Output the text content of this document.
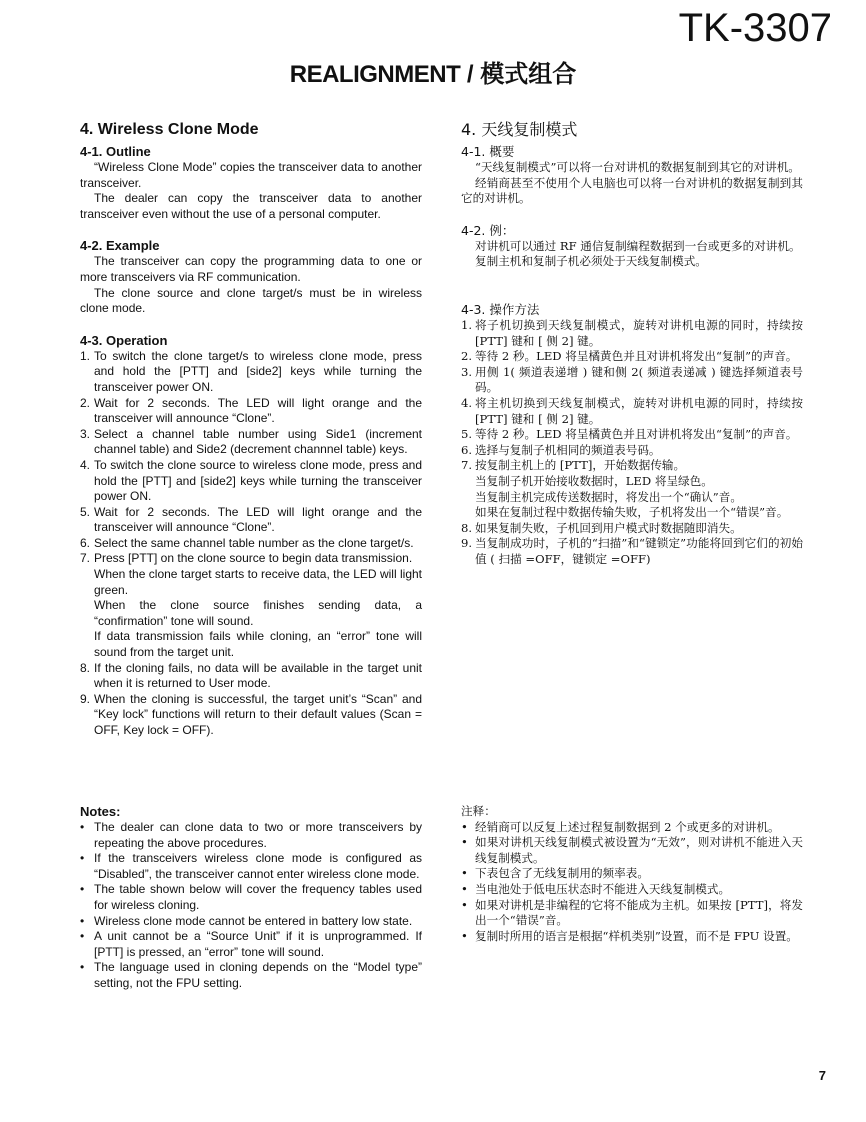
TK-3307
REALIGNMENT / 模式组合
4. Wireless Clone Mode
4-1. Outline

“Wireless Clone Mode” copies the transceiver data to another transceiver.

The dealer can copy the transceiver data to another transceiver even without the use of a personal computer.

4-2. Example

The transceiver can copy the programming data to one or more transceivers via RF communication.

The clone source and clone target/s must be in wireless clone mode.

4-3. Operation
1. To switch the clone target/s to wireless clone mode, press and hold the [PTT] and [side2] keys while turning the transceiver power ON.
2. Wait for 2 seconds. The LED will light orange and the transceiver will announce “Clone”.
3. Select a channel table number using Side1 (increment channel table) and Side2 (decrement channnel table) keys.
4. To switch the clone source to wireless clone mode, press and hold the [PTT] and [side2] keys while turning the transceiver power ON.
5. Wait for 2 seconds. The LED will light orange and the transceiver will announce “Clone”.
6. Select the same channel table number as the clone target/s.
7. Press [PTT] on the clone source to begin data transmission.
When the clone target starts to receive data, the LED will light green.
When the clone source finishes sending data, a “confirmation” tone will sound.
If data transmission fails while cloning, an “error” tone will sound from the target unit.
8. If the cloning fails, no data will be available in the target unit when it is returned to User mode.
9. When the cloning is successful, the target unit’s “Scan” and “Key lock” functions will return to their default values (Scan = OFF, Key lock = OFF).
Notes:
• The dealer can clone data to two or more transceivers by repeating the above procedures.
• If the transceivers wireless clone mode is configured as “Disabled”, the transceiver cannot enter wireless clone mode.
• The table shown below will cover the frequency tables used for wireless cloning.
• Wireless clone mode cannot be entered in battery low state.
• A unit cannot be a “Source Unit” if it is unprogrammed. If [PTT] is pressed, an “error” tone will sound.
• The language used in cloning depends on the “Model type” setting, not the FPU setting.
4. 天线复制模式
4-1. 概要

“天线复制模式”可以将一台对讲机的数据复制到其它的对讲机。

经销商甚至不使用个人电脑也可以将一台对讲机的数据复制到其它的对讲机。

4-2. 例：

对讲机可以通过 RF 通信复制编程数据到一台或更多的对讲机。

复制主机和复制子机必须处于天线复制模式。

4-3. 操作方法
1. 将子机切换到天线复制模式，旋转对讲机电源的同时，持续按 [PTT] 键和 [ 侧 2] 键。
2. 等待 2 秒。LED 将呈橘黄色并且对讲机将发出“复制”的声音。
3. 用侧 1( 频道表递增 ) 键和侧 2( 频道表递减 ) 键选择频道表号码。
4. 将主机切换到天线复制模式，旋转对讲机电源的同时，持续按 [PTT] 键和 [ 侧 2] 键。
5. 等待 2 秒。LED 将呈橘黄色并且对讲机将发出“复制”的声音。
6. 选择与复制子机相同的频道表号码。
7. 按复制主机上的 [PTT]，开始数据传输。
当复制子机开始接收数据时，LED 将呈绿色。
当复制主机完成传送数据时，将发出一个“确认”音。
如果在复制过程中数据传输失败，子机将发出一个“错误”音。
8. 如果复制失败，子机回到用户模式时数据随即消失。
9. 当复制成功时，子机的“扫描”和“键锁定”功能将回到它们的初始值 ( 扫描 =OFF，键锁定 =OFF)
注释：
• 经销商可以反复上述过程复制数据到 2 个或更多的对讲机。
• 如果对讲机天线复制模式被设置为“无效”，则对讲机不能进入天线复制模式。
• 下表包含了无线复制用的频率表。
• 当电池处于低电压状态时不能进入天线复制模式。
• 如果对讲机是非编程的它将不能成为主机。如果按 [PTT]，将发出一个“错误”音。
• 复制时所用的语言是根据“样机类别”设置，而不是 FPU 设置。
7
